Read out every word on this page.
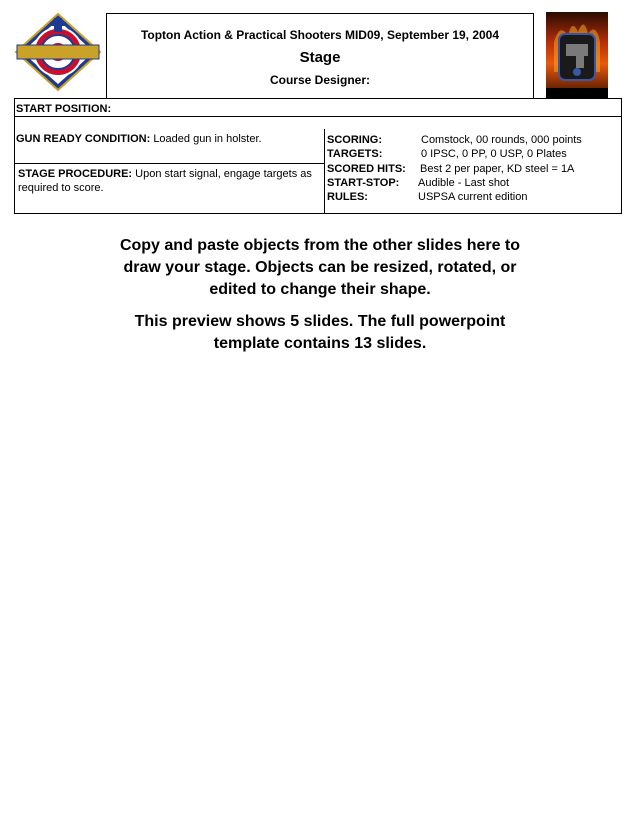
Topton Action & Practical Shooters MID09, September 19, 2004
Stage
Course Designer:
START POSITION:
GUN READY CONDITION: Loaded gun in holster.
STAGE PROCEDURE: Upon start signal, engage targets as required to score.
SCORING:	Comstock, 00 rounds, 000 points
TARGETS:	0 IPSC, 0 PP, 0 USP, 0 Plates
SCORED HITS: Best 2 per paper, KD steel = 1A
START-STOP: Audible - Last shot
RULES:	USPSA current edition
Copy and paste objects from the other slides here to
draw your stage. Objects can be resized, rotated, or
edited to change their shape.
This preview shows 5 slides. The full powerpoint
template contains 13 slides.
